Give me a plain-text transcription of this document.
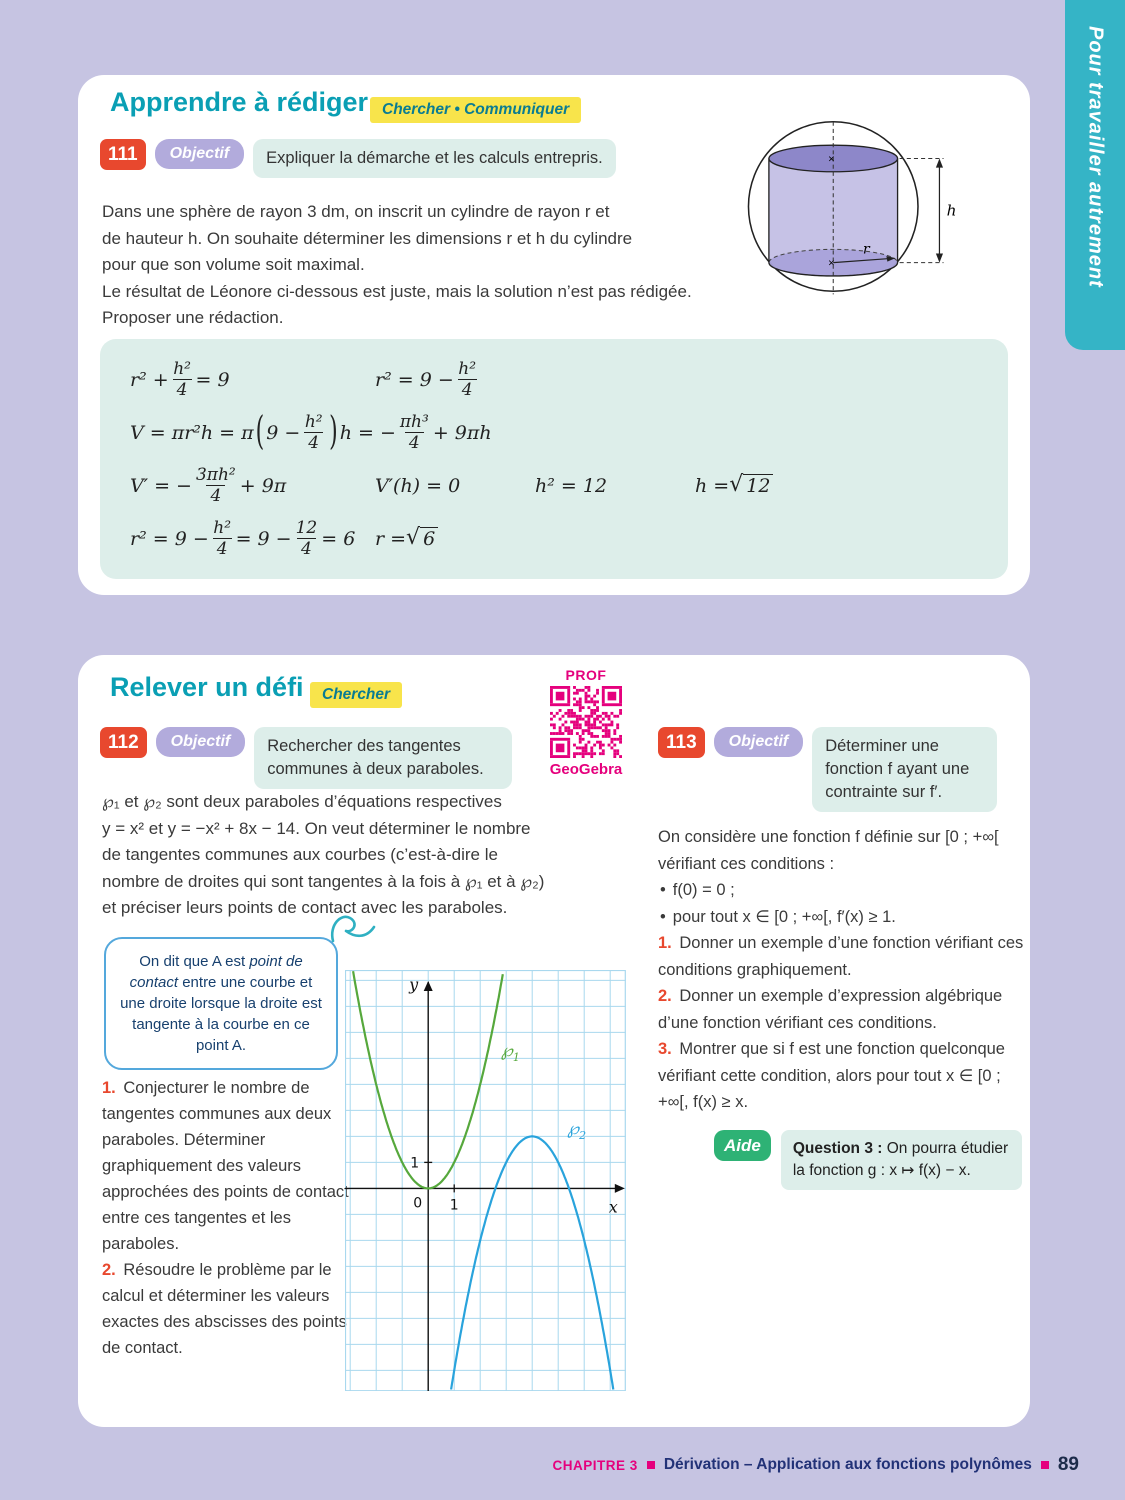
Pour travailler autrement
Apprendre à rédiger Chercher • Communiquer
111	Objectif	Expliquer la démarche et les calculs entrepris.
Dans une sphère de rayon 3 dm, on inscrit un cylindre de rayon r et
de hauteur h. On souhaite déterminer les dimensions r et h du cylindre
pour que son volume soit maximal.
Le résultat de Léonore ci-dessous est juste, mais la solution n’est pas rédigée.
Proposer une rédaction.
×
×
r
h
$r^2 + \frac{\text{h²}}{4} = 9$	$r^2 = 9 - \frac{\text{h²}}{4}$
V = πr²h = π ( $9 - \frac{\text{h²}}{4}$ ) h = − $\frac{\text{πh³}}{4} + 9\pi h$
V′ = − $\frac{\text{3πh²}}{4} + 9\pi$	V′(h) = 0	h² = 12	h = √ 12
$r^2 = 9 - \frac{\text{h²}}{4} = 9 - \frac{12}{4} = 6$ r = √ 6
Relever un défi	Chercher
PROF
GeoGebra
112	Objectif	Rechercher des tangentes communes à deux paraboles.
℘₁ et ℘₂ sont deux paraboles d’équations respectives
y = x² et y = −x² + 8x − 14. On veut déterminer le nombre
de tangentes communes aux courbes (c’est-à-dire le
nombre de droites qui sont tangentes à la fois à ℘₁ et à ℘₂)
et préciser leurs points de contact avec les paraboles.
On dit que A est point de contact entre une courbe et une droite lorsque la droite est tangente à la courbe en ce point A.
1. Conjecturer le nombre de tangentes communes aux deux paraboles. Déterminer graphiquement des valeurs approchées des points de contact entre ces tangentes et les paraboles.
2. Résoudre le problème par le calcul et déterminer les valeurs exactes des abscisses des points de contact.
0 1
1
y
x
$℘_1$
$℘_2$
113	Objectif	Déterminer une fonction f ayant une contrainte sur f′.
On considère une fonction f définie sur [0 ; +∞[ vérifiant ces conditions :
• f(0) = 0 ;
• pour tout x ∈ [0 ; +∞[, f′(x) ≥ 1.
1. Donner un exemple d’une fonction vérifiant ces conditions graphiquement.
2. Donner un exemple d’expression algébrique d’une fonction vérifiant ces conditions.
3. Montrer que si f est une fonction quelconque vérifiant cette condition, alors pour tout x ∈ [0 ; +∞[, f(x) ≥ x.
Aide	Question 3 : On pourra étudier la fonction g : x ↦ f(x) − x.
CHAPITRE 3 Dérivation – Application aux fonctions polynômes 89
